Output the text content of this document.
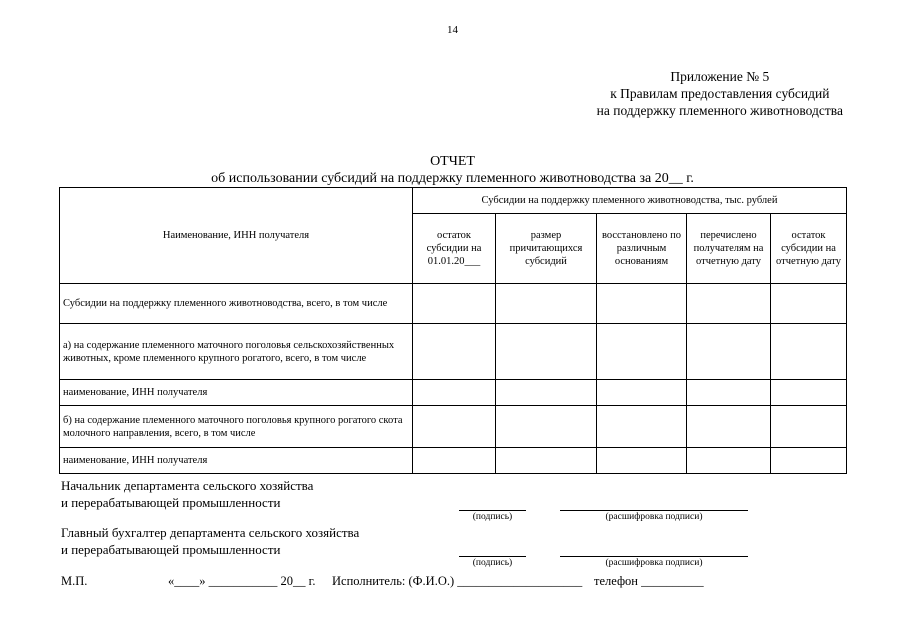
14
Приложение № 5
к Правилам предоставления субсидий
на поддержку племенного животноводства
ОТЧЕТ
об использовании субсидий на поддержку племенного животноводства за 20__ г.
Наименование, ИНН получателя	Субсидии на поддержку племенного животноводства, тыс. рублей				
	остаток субсидии на 01.01.20___	размер причитающихся субсидий	восстановлено по различным основаниям	перечислено получателям на отчетную дату	остаток субсидии на отчетную дату
Субсидии на поддержку племенного животноводства, всего, в том числе					
а) на содержание племенного маточного поголовья сельскохозяйственных животных, кроме племенного крупного рогатого, всего, в том числе					
наименование, ИНН получателя					
б) на содержание племенного маточного поголовья крупного рогатого скота молочного направления, всего, в том числе					
наименование, ИНН получателя					
Начальник департамента сельского хозяйства
и перерабатывающей промышленности
(подпись)	(расшифровка подписи)
Главный бухгалтер департамента сельского хозяйства
и перерабатывающей промышленности
(подпись)	(расшифровка подписи)
М.П.	«____» ___________ 20__ г. Исполнитель: (Ф.И.О.) ____________________ телефон __________
